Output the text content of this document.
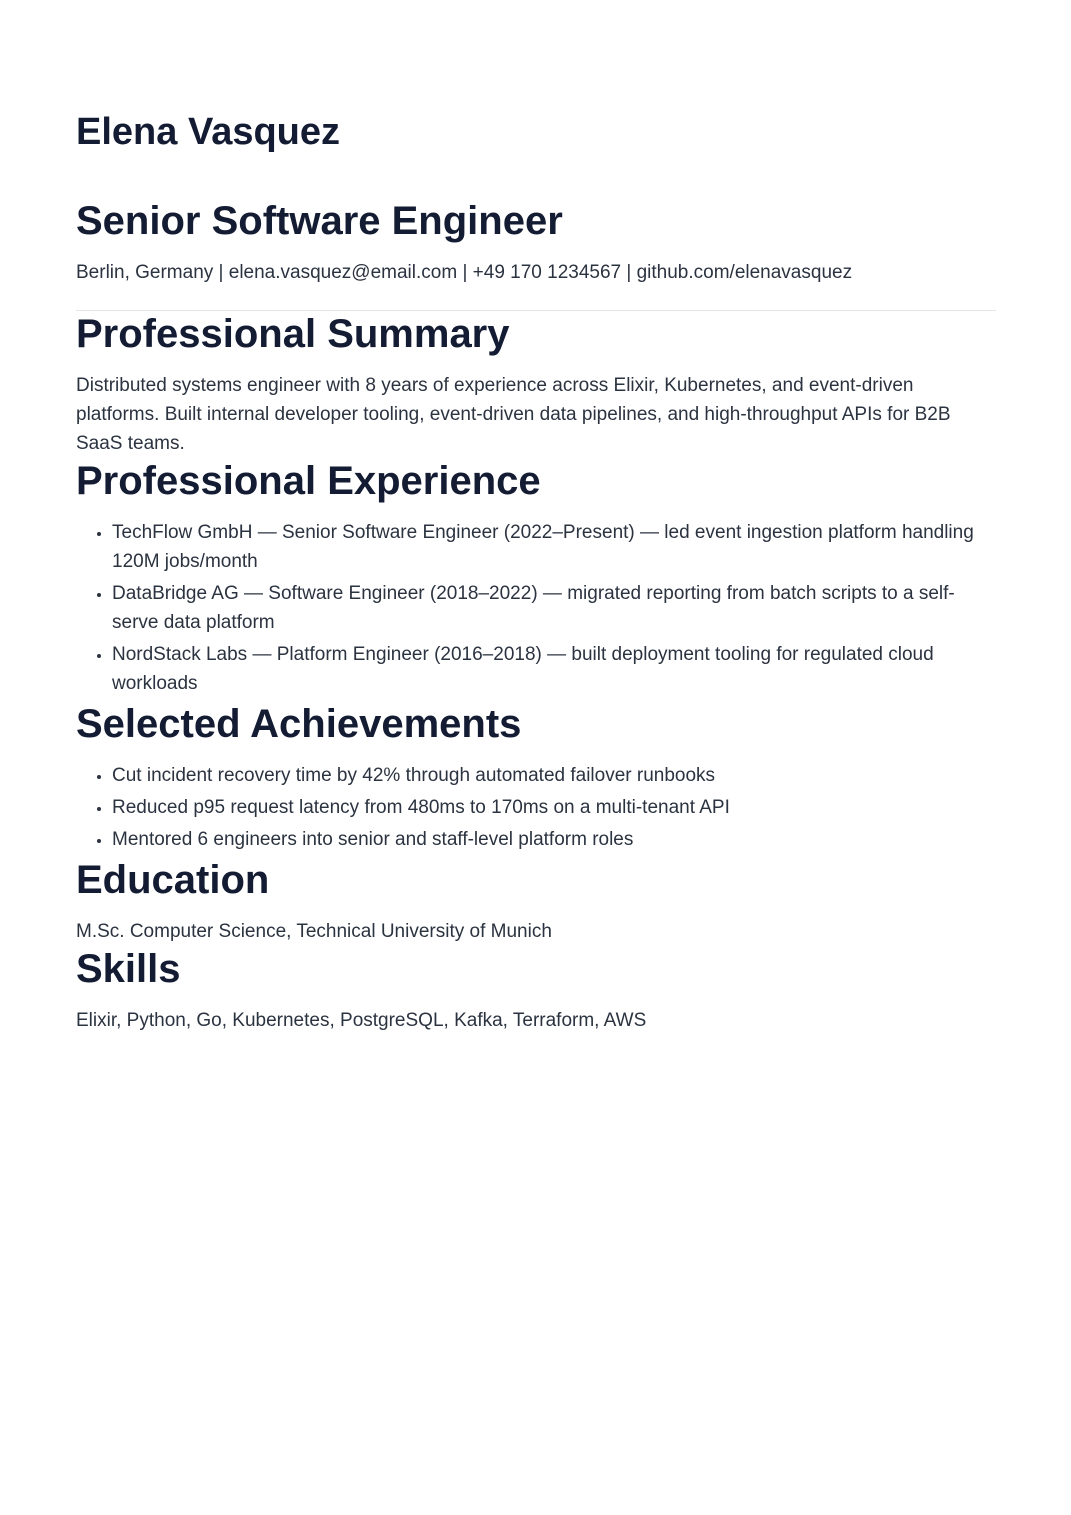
Elena Vasquez
Senior Software Engineer

Berlin, Germany | elena.vasquez@email.com | +49 170 1234567 | github.com/elenavasquez

Professional Summary

Distributed systems engineer with 8 years of experience across Elixir, Kubernetes, and event-driven platforms. Built internal developer tooling, event-driven data pipelines, and high-throughput APIs for B2B SaaS teams.

Professional Experience
• TechFlow GmbH — Senior Software Engineer (2022–Present) — led event ingestion platform handling 120M jobs/month
• DataBridge AG — Software Engineer (2018–2022) — migrated reporting from batch scripts to a self-serve data platform
• NordStack Labs — Platform Engineer (2016–2018) — built deployment tooling for regulated cloud workloads
Selected Achievements
• Cut incident recovery time by 42% through automated failover runbooks
• Reduced p95 request latency from 480ms to 170ms on a multi-tenant API
• Mentored 6 engineers into senior and staff-level platform roles
Education

M.Sc. Computer Science, Technical University of Munich

Skills

Elixir, Python, Go, Kubernetes, PostgreSQL, Kafka, Terraform, AWS
